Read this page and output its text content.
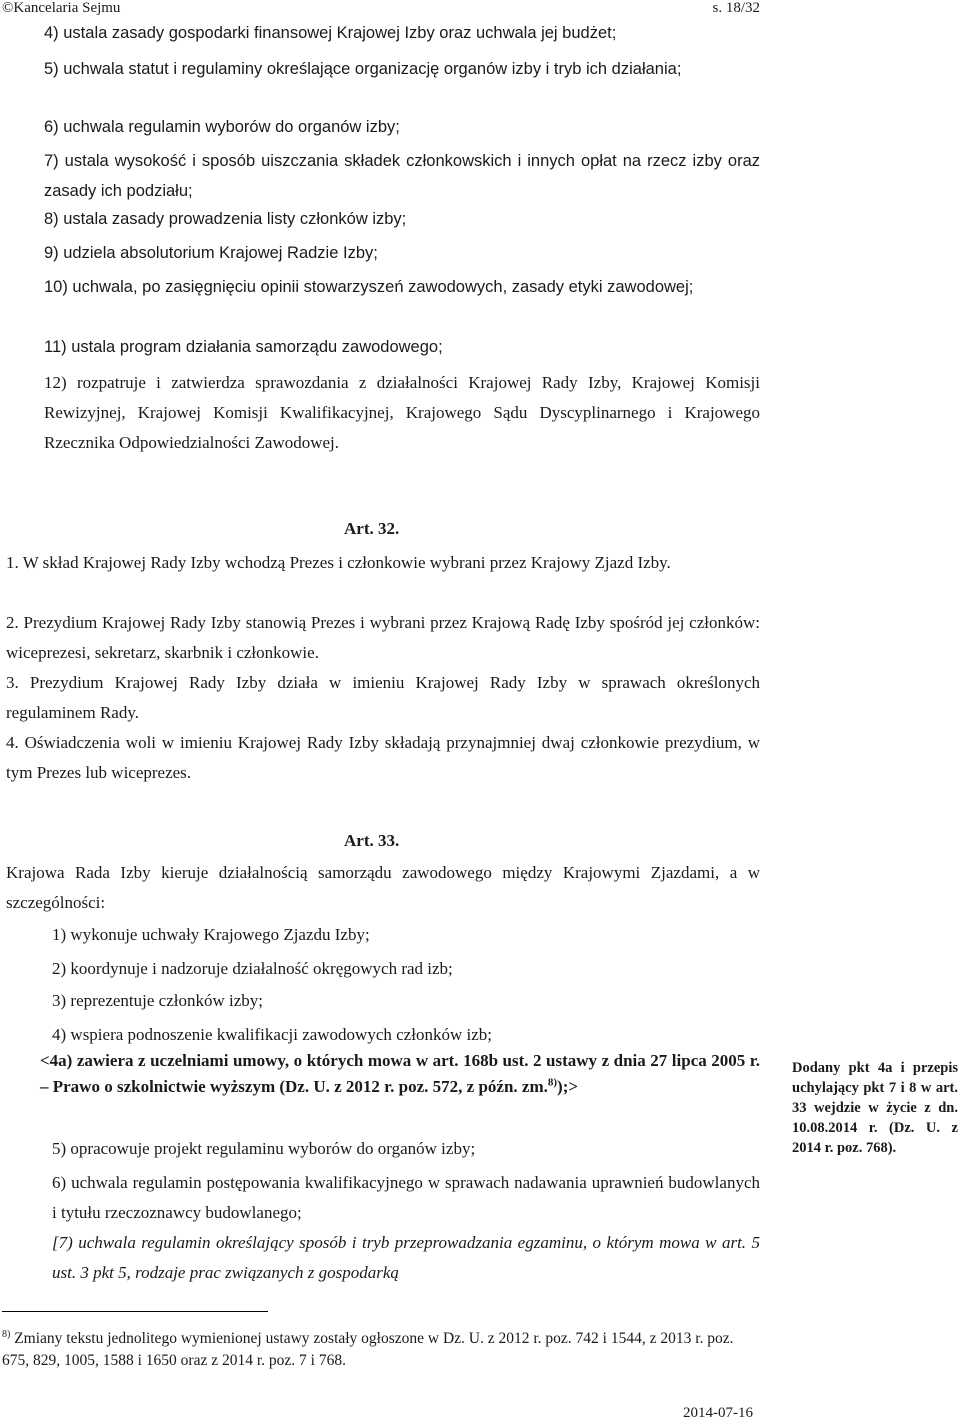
©Kancelaria Sejmu	s. 18/32

4) ustala zasady gospodarki finansowej Krajowej Izby oraz uchwala jej budżet;

5) uchwala statut i regulaminy określające organizację organów izby i tryb ich działania;

6) uchwala regulamin wyborów do organów izby;

7) ustala wysokość i sposób uiszczania składek członkowskich i innych opłat na rzecz izby oraz zasady ich podziału;

8) ustala zasady prowadzenia listy członków izby;

9) udziela absolutorium Krajowej Radzie Izby;

10) uchwala, po zasięgnięciu opinii stowarzyszeń zawodowych, zasady etyki zawodowej;

11) ustala program działania samorządu zawodowego;

12) rozpatruje i zatwierdza sprawozdania z działalności Krajowej Rady Izby, Krajowej Komisji Rewizyjnej, Krajowej Komisji Kwalifikacyjnej, Krajowego Sądu Dyscyplinarnego i Krajowego Rzecznika Odpowiedzialności Zawodowej.

Art. 32.

1. W skład Krajowej Rady Izby wchodzą Prezes i członkowie wybrani przez Krajowy Zjazd Izby.

2. Prezydium Krajowej Rady Izby stanowią Prezes i wybrani przez Krajową Radę Izby spośród jej członków: wiceprezesi, sekretarz, skarbnik i członkowie.

3. Prezydium Krajowej Rady Izby działa w imieniu Krajowej Rady Izby w sprawach określonych regulaminem Rady.

4. Oświadczenia woli w imieniu Krajowej Rady Izby składają przynajmniej dwaj członkowie prezydium, w tym Prezes lub wiceprezes.

Art. 33.

Krajowa Rada Izby kieruje działalnością samorządu zawodowego między Krajowymi Zjazdami, a w szczególności:

1) wykonuje uchwały Krajowego Zjazdu Izby;

2) koordynuje i nadzoruje działalność okręgowych rad izb;

3) reprezentuje członków izby;

4) wspiera podnoszenie kwalifikacji zawodowych członków izb;

<4a) zawiera z uczelniami umowy, o których mowa w art. 168b ust. 2 ustawy z dnia 27 lipca 2005 r. – Prawo o szkolnictwie wyższym (Dz. U. z 2012 r. poz. 572, z późn. zm.$^{8)}$);>

5) opracowuje projekt regulaminu wyborów do organów izby;

6) uchwala regulamin postępowania kwalifikacyjnego w sprawach nadawania uprawnień budowlanych i tytułu rzeczoznawcy budowlanego;

[7) uchwala regulamin określający sposób i tryb przeprowadzania egzaminu, o którym mowa w art. 5 ust. 3 pkt 5, rodzaje prac związanych z gospodarką

Dodany pkt 4a i przepis uchylający pkt 7 i 8 w art. 33 wejdzie w życie z dn. 10.08.2014 r. (Dz. U. z 2014 r. poz. 768).
$^{8)}$ Zmiany tekstu jednolitego wymienionej ustawy zostały ogłoszone w Dz. U. z 2012 r. poz. 742 i 1544, z 2013 r. poz. 675, 829, 1005, 1588 i 1650 oraz z 2014 r. poz. 7 i 768.
2014-07-16
